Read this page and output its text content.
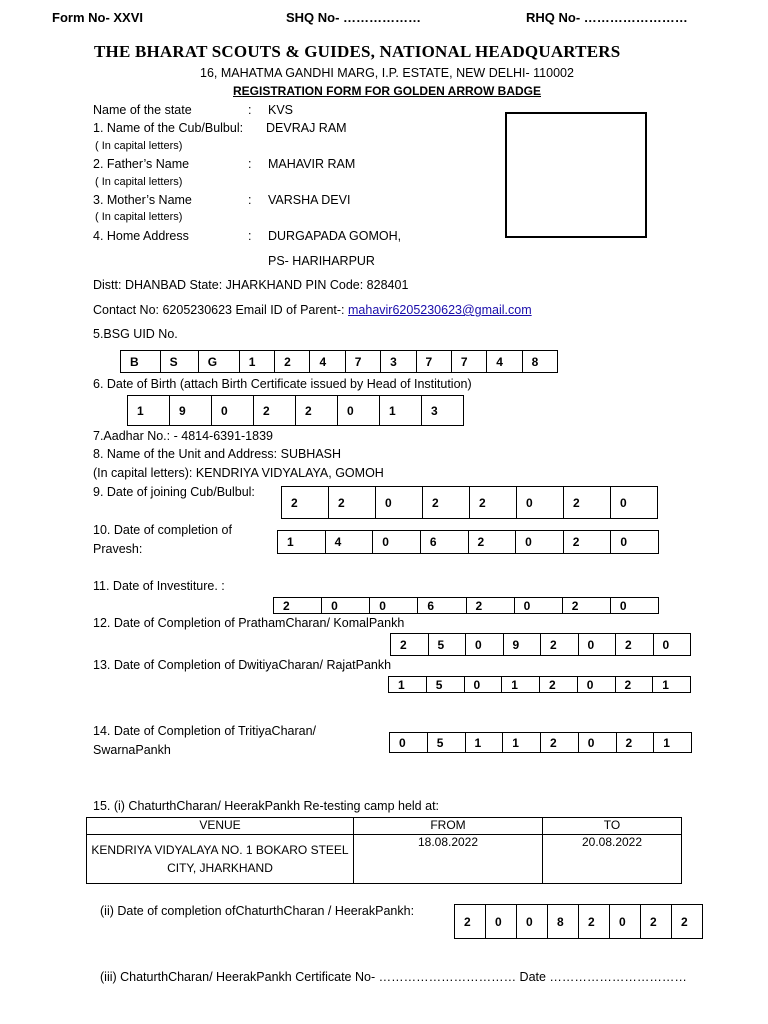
Form No- XXVI	SHQ No- ………………	RHQ No- ……………………
THE BHARAT SCOUTS & GUIDES, NATIONAL HEADQUARTERS
16, MAHATMA GANDHI MARG, I.P. ESTATE, NEW DELHI- 110002
REGISTRATION FORM FOR GOLDEN ARROW BADGE
Name of the state	: KVS
1. Name of the Cub/Bulbul: DEVRAJ RAM
( In capital letters)
2. Father’s Name	: MAHAVIR RAM
( In capital letters)
3. Mother’s Name	: VARSHA DEVI
( In capital letters)
4. Home Address	: DURGAPADA GOMOH,
PS- HARIHARPUR
Distt: DHANBAD State: JHARKHAND PIN Code: 828401
Contact No: 6205230623 Email ID of Parent-: mahavir6205230623@gmail.com
5.BSG UID No.
B	S	G	1	2	4	7	3	7	7	4	8
6. Date of Birth (attach Birth Certificate issued by Head of Institution)
1	9	0	2	2	0	1	3
7.Aadhar No.: - 4814-6391-1839
8. Name of the Unit and Address: SUBHASH
(In capital letters): KENDRIYA VIDYALAYA, GOMOH
9. Date of joining Cub/Bulbul:
2	2	0	2	2	0	2	0
10. Date of completion of
Pravesh:	1	4	0	6	2	0	2	0
11. Date of Investiture. :
2	0	0	6	2	0	2	0
12. Date of Completion of PrathamCharan/ KomalPankh
2	5	0	9	2	0	2	0
13. Date of Completion of DwitiyaCharan/ RajatPankh
1	5	0	1	2	0	2	1
14. Date of Completion of TritiyaCharan/
SwarnaPankh
0	5	1	1	2	0	2	1
15. (i) ChaturthCharan/ HeerakPankh Re-testing camp held at:
VENUE	FROM	TO
KENDRIYA VIDYALAYA NO. 1 BOKARO STEEL CITY, JHARKHAND	18.08.2022	20.08.2022
(ii) Date of completion ofChaturthCharan / HeerakPankh:
2	0	0	8	2	0	2	2
(iii) ChaturthCharan/ HeerakPankh Certificate No- …………………………… Date ……………………………
